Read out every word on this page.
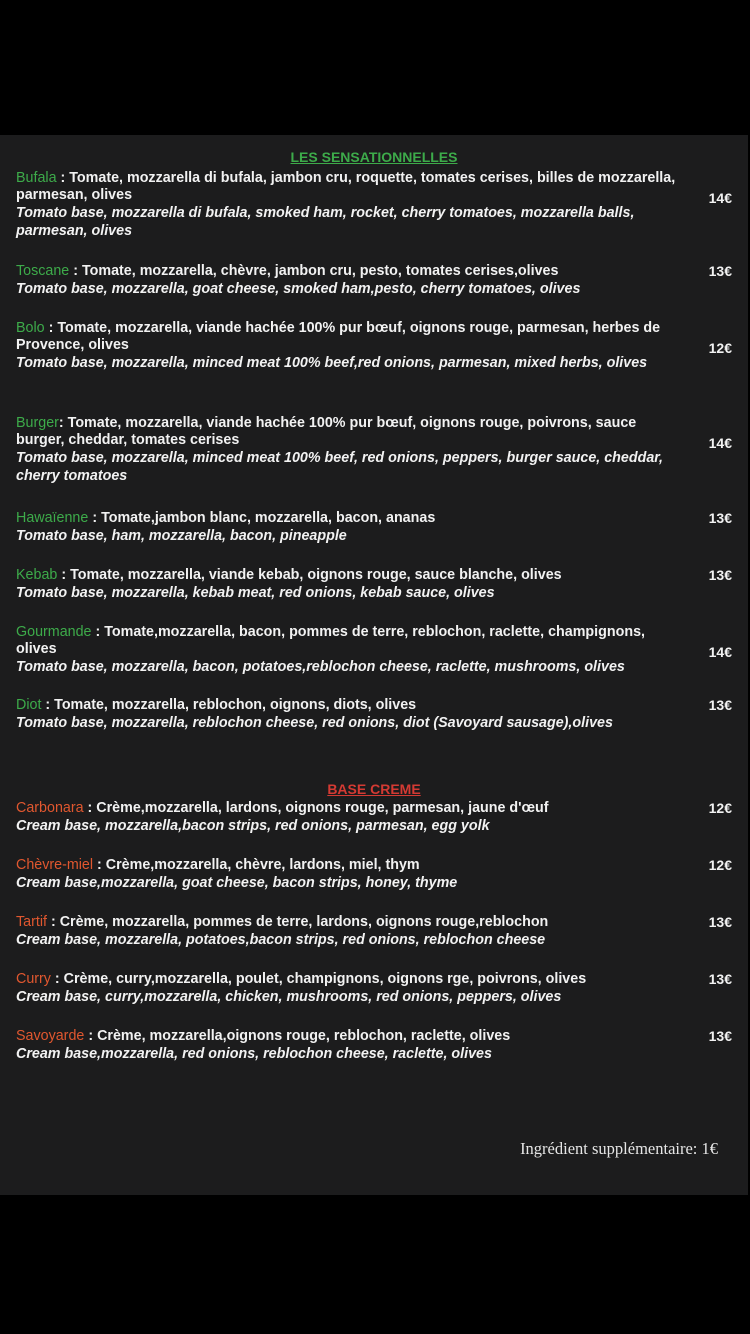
LES SENSATIONNELLES
Bufala : Tomate, mozzarella di bufala, jambon cru, roquette, tomates cerises, billes de mozzarella, parmesan, olives
Tomato base, mozzarella di bufala, smoked ham, rocket, cherry tomatoes, mozzarella balls, parmesan, olives
14€
Toscane : Tomate, mozzarella, chèvre, jambon cru, pesto, tomates cerises,olives
Tomato base, mozzarella, goat cheese, smoked ham,pesto, cherry tomatoes, olives
13€
Bolo : Tomate, mozzarella, viande hachée 100% pur bœuf, oignons rouge, parmesan, herbes de Provence, olives
Tomato base, mozzarella, minced meat 100% beef,red onions, parmesan, mixed herbs, olives
12€
Burger: Tomate, mozzarella, viande hachée 100% pur bœuf, oignons rouge, poivrons, sauce burger, cheddar, tomates cerises
Tomato base, mozzarella, minced meat 100% beef, red onions, peppers, burger sauce, cheddar, cherry tomatoes
14€
Hawaïenne : Tomate,jambon blanc, mozzarella, bacon, ananas
Tomato base, ham, mozzarella, bacon, pineapple
13€
Kebab : Tomate, mozzarella, viande kebab, oignons rouge, sauce blanche, olives
Tomato base, mozzarella, kebab meat, red onions, kebab sauce, olives
13€
Gourmande : Tomate,mozzarella, bacon, pommes de terre, reblochon, raclette, champignons, olives
Tomato base, mozzarella, bacon, potatoes,reblochon cheese, raclette, mushrooms, olives
14€
Diot : Tomate, mozzarella, reblochon, oignons, diots, olives
Tomato base, mozzarella, reblochon cheese, red onions, diot (Savoyard sausage),olives
13€
BASE CREME
Carbonara : Crème,mozzarella, lardons, oignons rouge, parmesan, jaune d'œuf
Cream base, mozzarella,bacon strips, red onions, parmesan, egg yolk
12€
Chèvre-miel : Crème,mozzarella, chèvre, lardons, miel, thym
Cream base,mozzarella, goat cheese, bacon strips, honey, thyme
12€
Tartif : Crème, mozzarella, pommes de terre, lardons, oignons rouge,reblochon
Cream base, mozzarella, potatoes,bacon strips, red onions, reblochon cheese
13€
Curry : Crème, curry,mozzarella, poulet, champignons, oignons rge, poivrons, olives
Cream base, curry,mozzarella, chicken, mushrooms, red onions, peppers, olives
13€
Savoyarde : Crème, mozzarella,oignons rouge, reblochon, raclette, olives
Cream base,mozzarella, red onions, reblochon cheese, raclette, olives
13€
Ingrédient supplémentaire: 1€
